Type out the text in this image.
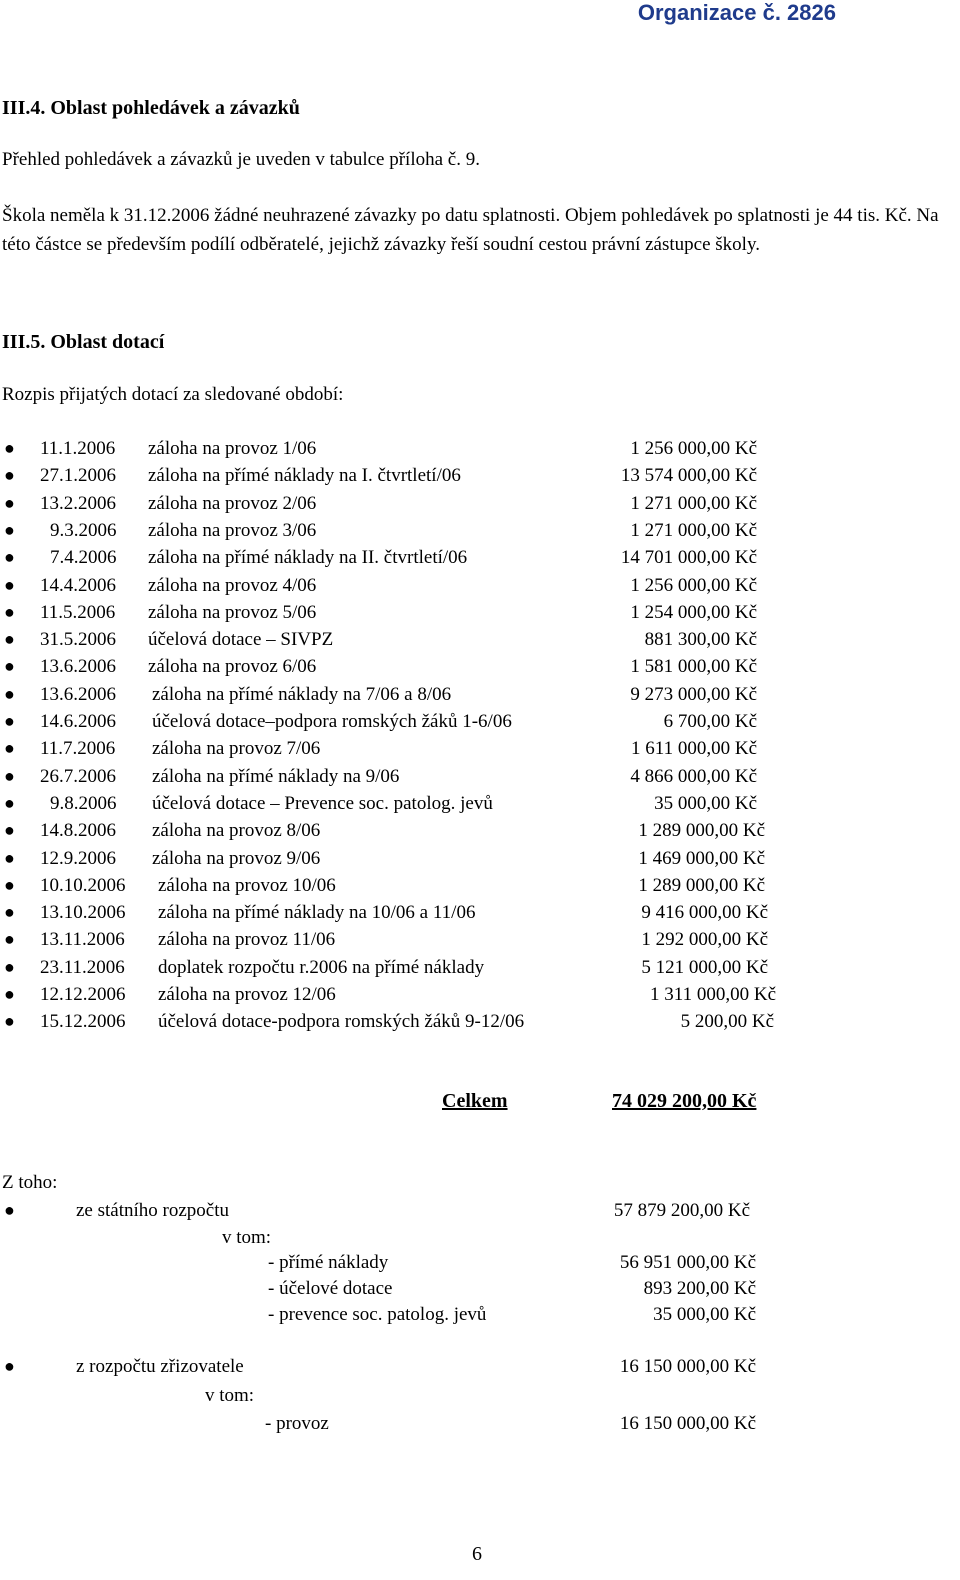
Organizace č. 2826
III.4. Oblast pohledávek a závazků
Přehled pohledávek a závazků je uveden v tabulce příloha č. 9.
Škola neměla k 31.12.2006 žádné neuhrazené závazky po datu splatnosti. Objem pohledávek po splatnosti je 44 tis. Kč. Na této částce se především podílí odběratelé, jejichž závazky řeší soudní cestou právní zástupce školy.
III.5. Oblast dotací
Rozpis přijatých dotací za sledované období:
● 11.1.2006 záloha na provoz 1/06	1 256 000,00 Kč
● 27.1.2006 záloha na přímé náklady na I. čtvrtletí/06	13 574 000,00 Kč
● 13.2.2006 záloha na provoz 2/06	1 271 000,00 Kč
● 9.3.2006 záloha na provoz 3/06	1 271 000,00 Kč
● 7.4.2006 záloha na přímé náklady na II. čtvrtletí/06	14 701 000,00 Kč
● 14.4.2006 záloha na provoz 4/06	1 256 000,00 Kč
● 11.5.2006 záloha na provoz 5/06	1 254 000,00 Kč
● 31.5.2006 účelová dotace – SIVPZ	881 300,00 Kč
● 13.6.2006 záloha na provoz 6/06	1 581 000,00 Kč
● 13.6.2006 záloha na přímé náklady na 7/06 a 8/06	9 273 000,00 Kč
● 14.6.2006 účelová dotace–podpora romských žáků 1-6/06	6 700,00 Kč
● 11.7.2006 záloha na provoz 7/06	1 611 000,00 Kč
● 26.7.2006 záloha na přímé náklady na 9/06	4 866 000,00 Kč
● 9.8.2006 účelová dotace – Prevence soc. patolog. jevů	35 000,00 Kč
● 14.8.2006 záloha na provoz 8/06	1 289 000,00 Kč
● 12.9.2006 záloha na provoz 9/06	1 469 000,00 Kč
● 10.10.2006 záloha na provoz 10/06	1 289 000,00 Kč
● 13.10.2006 záloha na přímé náklady na 10/06 a 11/06	9 416 000,00 Kč
● 13.11.2006 záloha na provoz 11/06	1 292 000,00 Kč
● 23.11.2006 doplatek rozpočtu r.2006 na přímé náklady	5 121 000,00 Kč
● 12.12.2006 záloha na provoz 12/06	1 311 000,00 Kč
● 15.12.2006 účelová dotace-podpora romských žáků 9-12/06	5 200,00 Kč
Celkem	74 029 200,00 Kč
Z toho:
●	ze státního rozpočtu	57 879 200,00 Kč
v tom:
- přímé náklady	56 951 000,00 Kč
- účelové dotace	893 200,00 Kč
- prevence soc. patolog. jevů	35 000,00 Kč
●	z rozpočtu zřizovatele	16 150 000,00 Kč
v tom:
- provoz	16 150 000,00 Kč
6
